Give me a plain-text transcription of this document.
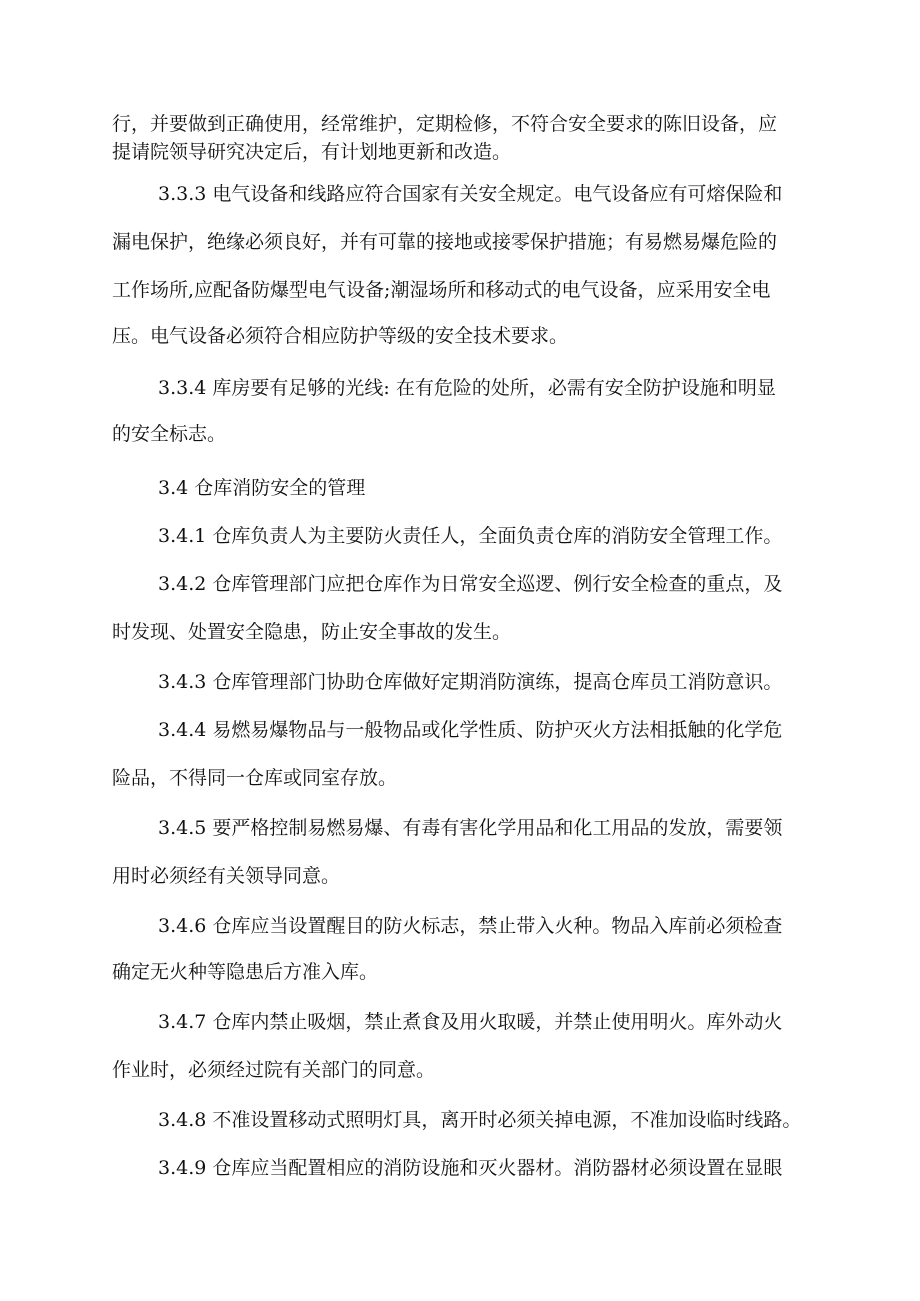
行，并要做到正确使用，经常维护，定期检修，不符合安全要求的陈旧设备，应
提请院领导研究决定后，有计划地更新和改造。
3.3.3 电气设备和线路应符合国家有关安全规定。电气设备应有可熔保险和
漏电保护，绝缘必须良好，并有可靠的接地或接零保护措施；有易燃易爆危险的
工作场所,应配备防爆型电气设备;潮湿场所和移动式的电气设备，应采用安全电
压。电气设备必须符合相应防护等级的安全技术要求。
3.3.4 库房要有足够的光线: 在有危险的处所，必需有安全防护设施和明显
的安全标志。
3.4 仓库消防安全的管理
3.4.1 仓库负责人为主要防火责任人，全面负责仓库的消防安全管理工作。
3.4.2 仓库管理部门应把仓库作为日常安全巡逻、例行安全检查的重点，及
时发现、处置安全隐患，防止安全事故的发生。
3.4.3 仓库管理部门协助仓库做好定期消防演练，提高仓库员工消防意识。
3.4.4 易燃易爆物品与一般物品或化学性质、防护灭火方法相抵触的化学危
险品，不得同一仓库或同室存放。
3.4.5 要严格控制易燃易爆、有毒有害化学用品和化工用品的发放，需要领
用时必须经有关领导同意。
3.4.6 仓库应当设置醒目的防火标志，禁止带入火种。物品入库前必须检查
确定无火种等隐患后方准入库。
3.4.7 仓库内禁止吸烟，禁止煮食及用火取暖，并禁止使用明火。库外动火
作业时，必须经过院有关部门的同意。
3.4.8 不准设置移动式照明灯具，离开时必须关掉电源，不准加设临时线路。
3.4.9 仓库应当配置相应的消防设施和灭火器材。消防器材必须设置在显眼
